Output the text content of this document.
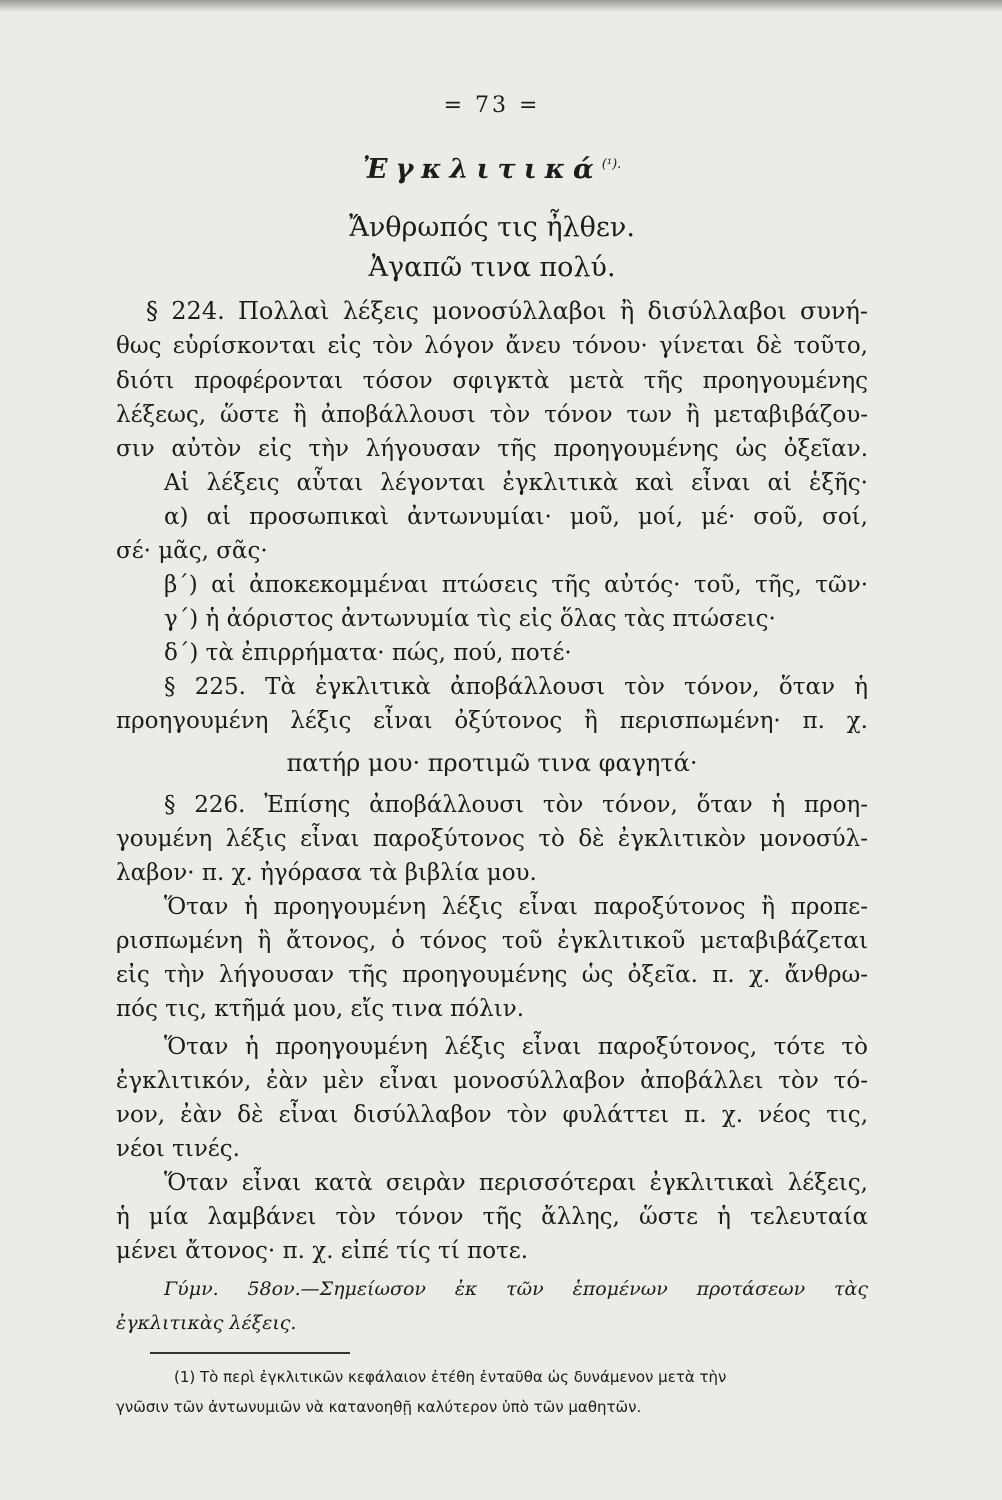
= 73 =
Ἐγκλιτικά$^{(^1).}$
Ἄνθρωπός τις ἦλθεν.
Ἀγαπῶ τινα πολύ.
§ 224. Πολλαὶ λέξεις μονοσύλλαβοι ἢ δισύλλαβοι συνή-
θως εὑρίσκονται εἰς τὸν λόγον ἄνευ τόνου· γίνεται δὲ τοῦτο,
διότι προφέρονται τόσον σφιγκτὰ μετὰ τῆς προηγουμένης
λέξεως, ὥστε ἢ ἀποβάλλουσι τὸν τόνον των ἢ μεταβιβάζου-
σιν αὐτὸν εἰς τὴν λήγουσαν τῆς προηγουμένης ὡς ὀξεῖαν.
Αἱ λέξεις αὗται λέγονται ἐγκλιτικὰ καὶ εἶναι αἱ ἑξῆς·
α) αἱ προσωπικαὶ ἀντωνυμίαι· μοῦ, μοί, μέ· σοῦ, σοί,
σέ· μᾶς, σᾶς·
β΄) αἱ ἀποκεκομμέναι πτώσεις τῆς αὐτός· τοῦ, τῆς, τῶν·
γ΄) ἡ ἀόριστος ἀντωνυμία τὶς εἰς ὅλας τὰς πτώσεις·
δ΄) τὰ ἐπιρρήματα· πώς, πού, ποτέ·
§ 225. Τὰ ἐγκλιτικὰ ἀποβάλλουσι τὸν τόνον, ὅταν ἡ
προηγουμένη λέξις εἶναι ὀξύτονος ἢ περισπωμένη· π. χ.
πατήρ μου· προτιμῶ τινα φαγητά·
§ 226. Ἐπίσης ἀποβάλλουσι τὸν τόνον, ὅταν ἡ προη-
γουμένη λέξις εἶναι παροξύτονος τὸ δὲ ἐγκλιτικὸν μονοσύλ-
λαβον· π. χ. ἠγόρασα τὰ βιβλία μου.
Ὅταν ἡ προηγουμένη λέξις εἶναι παροξύτονος ἢ προπε-
ρισπωμένη ἢ ἄτονος, ὁ τόνος τοῦ ἐγκλιτικοῦ μεταβιβάζεται
εἰς τὴν λήγουσαν τῆς προηγουμένης ὡς ὀξεῖα. π. χ. ἄνθρω-
πός τις, κτῆμά μου, εἴς τινα πόλιν.
Ὅταν ἡ προηγουμένη λέξις εἶναι παροξύτονος, τότε τὸ
ἐγκλιτικόν, ἐὰν μὲν εἶναι μονοσύλλαβον ἀποβάλλει τὸν τό-
νον, ἐὰν δὲ εἶναι δισύλλαβον τὸν φυλάττει π. χ. νέος τις,
νέοι τινές.
Ὅταν εἶναι κατὰ σειρὰν περισσότεραι ἐγκλιτικαὶ λέξεις,
ἡ μία λαμβάνει τὸν τόνον τῆς ἄλλης, ὥστε ἡ τελευταία
μένει ἄτονος· π. χ. εἰπέ τίς τί ποτε.
Γύμν. 58ον.—Σημείωσον ἐκ τῶν ἑπομένων προτάσεων τὰς
ἐγκλιτικὰς λέξεις.
(1) Τὸ περὶ ἐγκλιτικῶν κεφάλαιον ἐτέθη ἐνταῦθα ὡς δυνάμενον μετὰ τὴν
γνῶσιν τῶν ἀντωνυμιῶν νὰ κατανοηθῇ καλύτερον ὑπὸ τῶν μαθητῶν.
